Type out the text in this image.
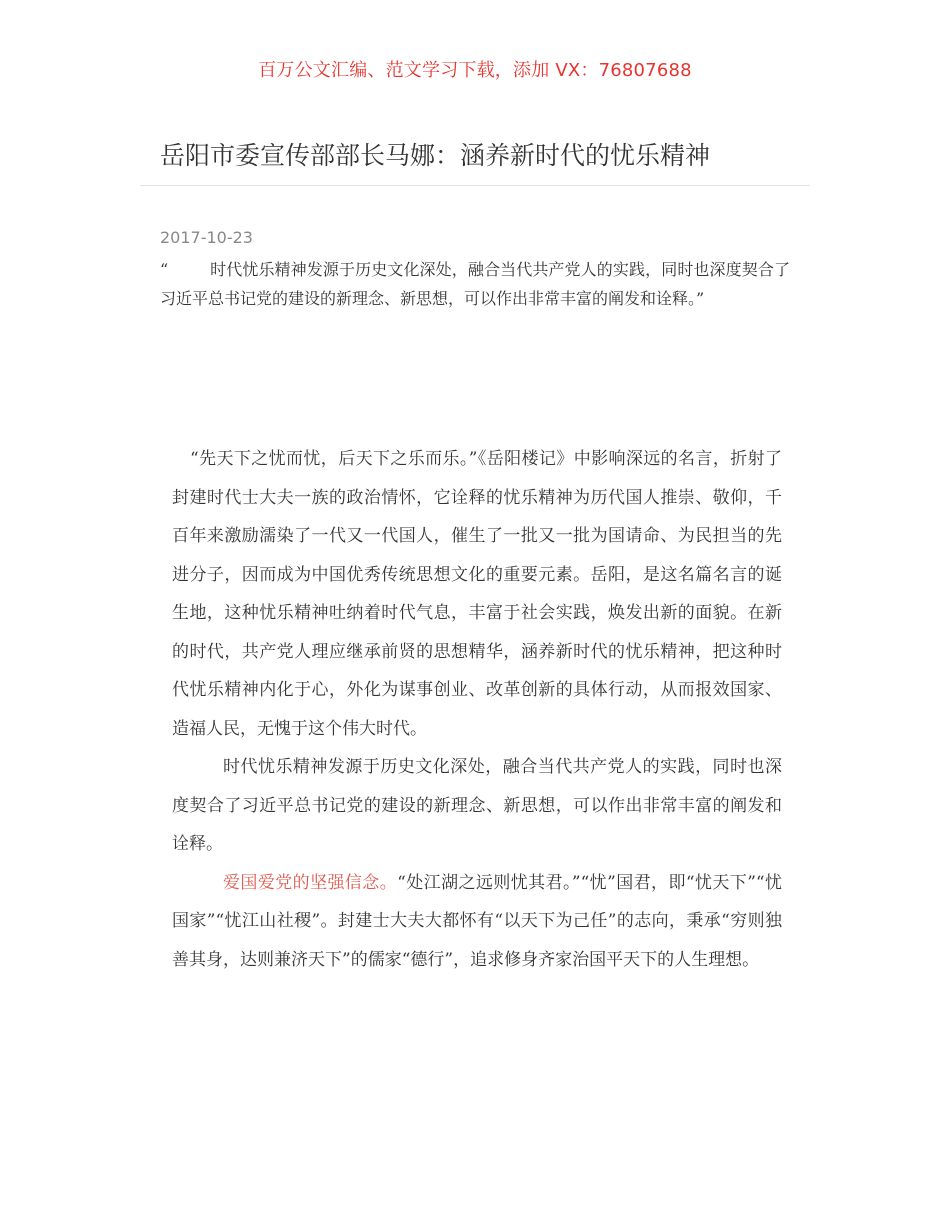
百万公文汇编、范文学习下载，添加 VX：76807688
岳阳市委宣传部部长马娜：涵养新时代的忧乐精神
2017-10-23

“	时代忧乐精神发源于历史文化深处，融合当代共产党人的实践，同时也深度契合了习近平总书记党的建设的新理念、新思想，可以作出非常丰富的阐发和诠释。”

“先天下之忧而忧，后天下之乐而乐。”《岳阳楼记》中影响深远的名言，折射了封建时代士大夫一族的政治情怀，它诠释的忧乐精神为历代国人推崇、敬仰，千百年来激励濡染了一代又一代国人，催生了一批又一批为国请命、为民担当的先进分子，因而成为中国优秀传统思想文化的重要元素。岳阳，是这名篇名言的诞生地，这种忧乐精神吐纳着时代气息，丰富于社会实践，焕发出新的面貌。在新的时代，共产党人理应继承前贤的思想精华，涵养新时代的忧乐精神，把这种时代忧乐精神内化于心，外化为谋事创业、改革创新的具体行动，从而报效国家、造福人民，无愧于这个伟大时代。

时代忧乐精神发源于历史文化深处，融合当代共产党人的实践，同时也深度契合了习近平总书记党的建设的新理念、新思想，可以作出非常丰富的阐发和诠释。

爱国爱党的坚强信念。“处江湖之远则忧其君。”“忧”国君，即“忧天下”“忧国家”“忧江山社稷”。封建士大夫大都怀有“以天下为己任”的志向，秉承“穷则独善其身，达则兼济天下”的儒家“德行”，追求修身齐家治国平天下的人生理想。
